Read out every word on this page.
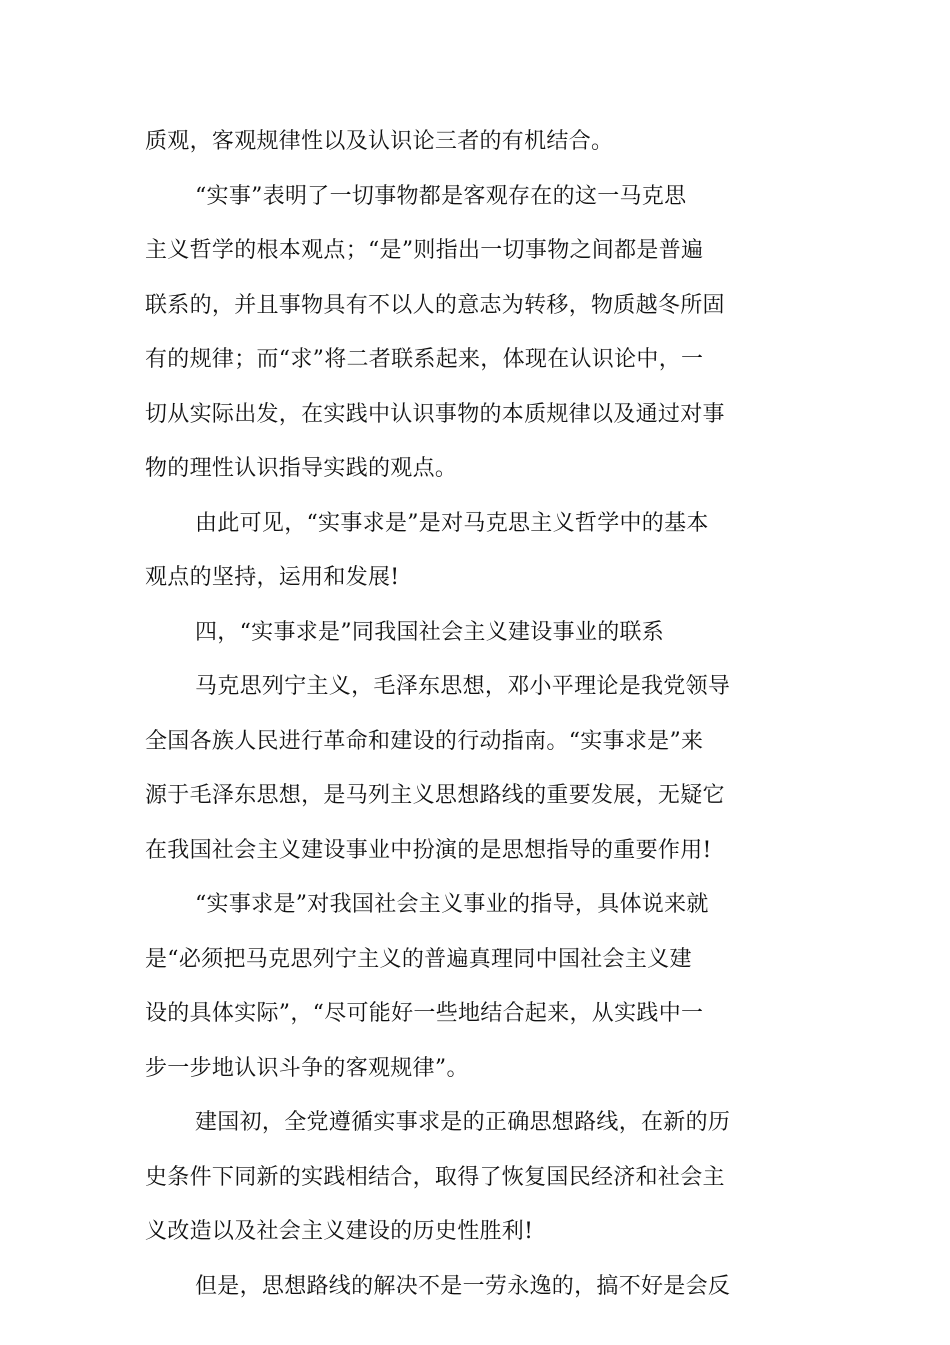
质观，客观规律性以及认识论三者的有机结合。
“实事”表明了一切事物都是客观存在的这一马克思
主义哲学的根本观点；“是”则指出一切事物之间都是普遍
联系的，并且事物具有不以人的意志为转移，物质越冬所固
有的规律；而“求”将二者联系起来，体现在认识论中，一
切从实际出发，在实践中认识事物的本质规律以及通过对事
物的理性认识指导实践的观点。
由此可见，“实事求是”是对马克思主义哲学中的基本
观点的坚持，运用和发展!
四，“实事求是”同我国社会主义建设事业的联系
马克思列宁主义，毛泽东思想，邓小平理论是我党领导
全国各族人民进行革命和建设的行动指南。“实事求是”来
源于毛泽东思想，是马列主义思想路线的重要发展，无疑它
在我国社会主义建设事业中扮演的是思想指导的重要作用!
“实事求是”对我国社会主义事业的指导，具体说来就
是“必须把马克思列宁主义的普遍真理同中国社会主义建
设的具体实际”，“尽可能好一些地结合起来，从实践中一
步一步地认识斗争的客观规律”。
建国初，全党遵循实事求是的正确思想路线，在新的历
史条件下同新的实践相结合，取得了恢复国民经济和社会主
义改造以及社会主义建设的历史性胜利!
但是，思想路线的解决不是一劳永逸的，搞不好是会反
